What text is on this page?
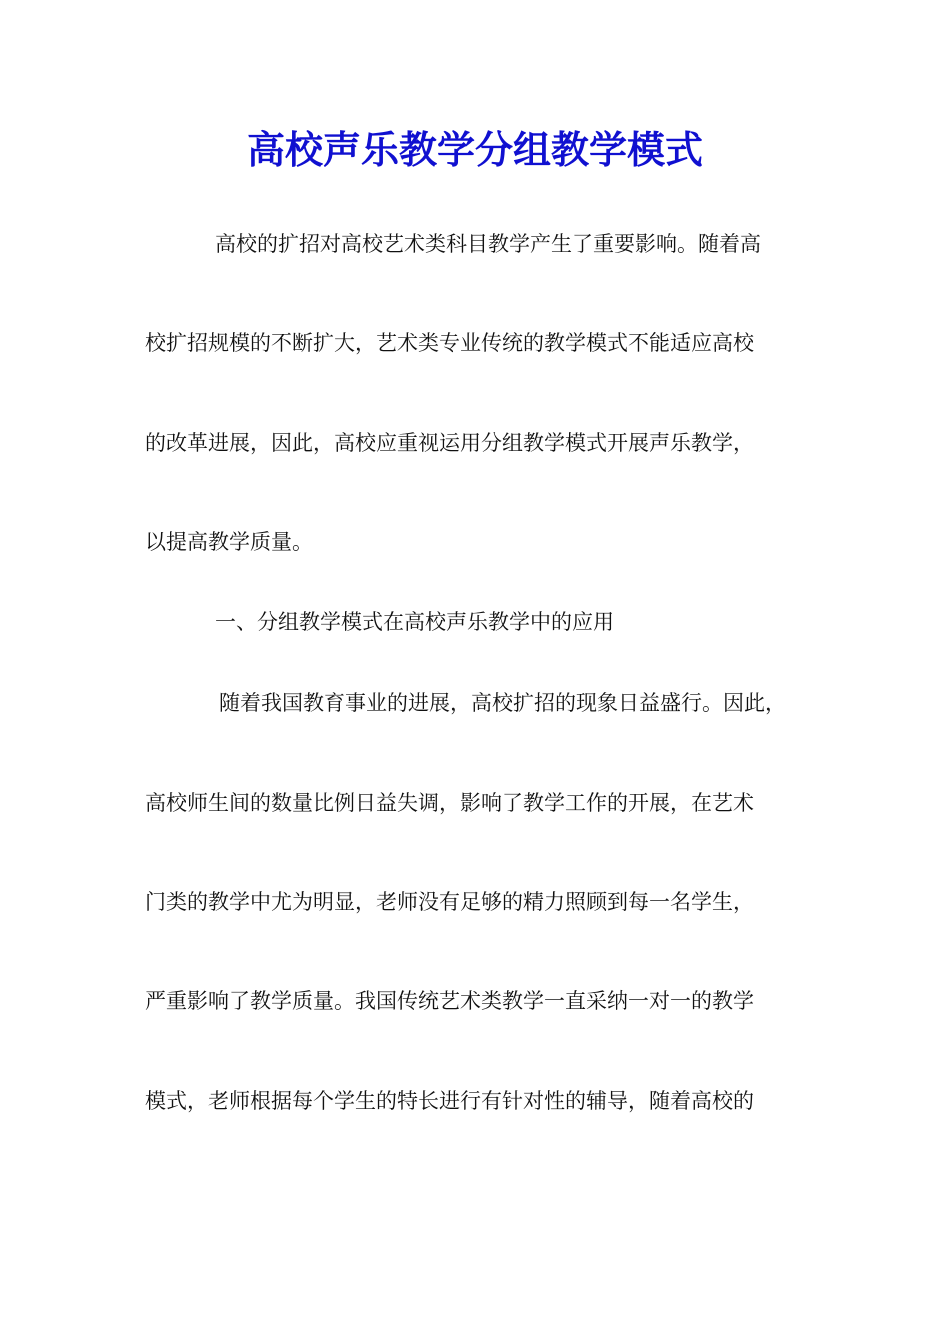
高校声乐教学分组教学模式

高校的扩招对高校艺术类科目教学产生了重要影响。随着高

校扩招规模的不断扩大，艺术类专业传统的教学模式不能适应高校

的改革进展，因此，高校应重视运用分组教学模式开展声乐教学，

以提高教学质量。

一、分组教学模式在高校声乐教学中的应用

随着我国教育事业的进展，高校扩招的现象日益盛行。因此，

高校师生间的数量比例日益失调，影响了教学工作的开展，在艺术

门类的教学中尤为明显，老师没有足够的精力照顾到每一名学生，

严重影响了教学质量。我国传统艺术类教学一直采纳一对一的教学

模式，老师根据每个学生的特长进行有针对性的辅导，随着高校的
